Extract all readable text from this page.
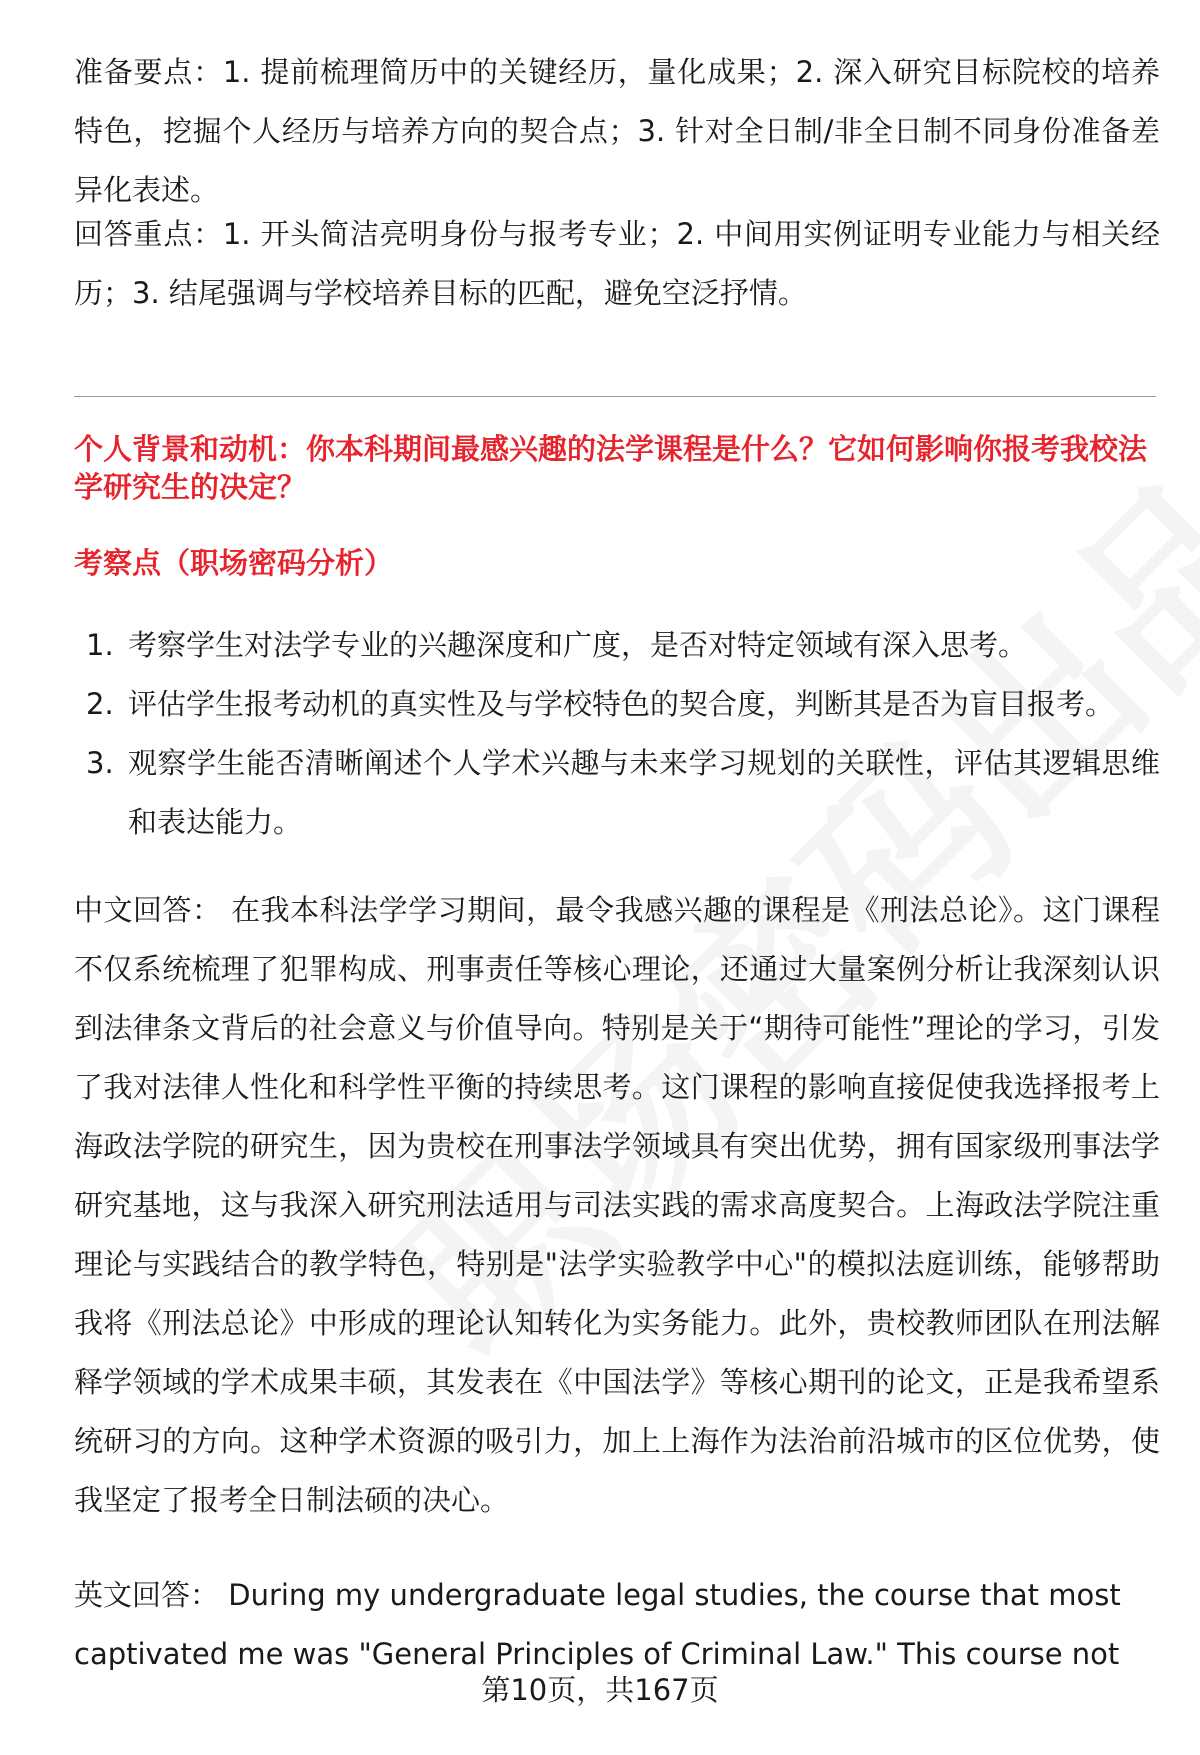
准备要点：1. 提前梳理简历中的关键经历，量化成果；2. 深入研究目标院校的培养特色，挖掘个人经历与培养方向的契合点；3. 针对全日制/非全日制不同身份准备差异化表述。

回答重点：1. 开头简洁亮明身份与报考专业；2. 中间用实例证明专业能力与相关经历；3. 结尾强调与学校培养目标的匹配，避免空泛抒情。

个人背景和动机：你本科期间最感兴趣的法学课程是什么？它如何影响你报考我校法学研究生的决定？
考察点（职场密码分析）
1. 考察学生对法学专业的兴趣深度和广度，是否对特定领域有深入思考。
2. 评估学生报考动机的真实性及与学校特色的契合度，判断其是否为盲目报考。
3. 观察学生能否清晰阐述个人学术兴趣与未来学习规划的关联性，评估其逻辑思维和表达能力。

中文回答： 在我本科法学学习期间，最令我感兴趣的课程是《刑法总论》。这门课程不仅系统梳理了犯罪构成、刑事责任等核心理论，还通过大量案例分析让我深刻认识到法律条文背后的社会意义与价值导向。特别是关于“期待可能性”理论的学习，引发了我对法律人性化和科学性平衡的持续思考。这门课程的影响直接促使我选择报考上海政法学院的研究生，因为贵校在刑事法学领域具有突出优势，拥有国家级刑事法学研究基地，这与我深入研究刑法适用与司法实践的需求高度契合。上海政法学院注重理论与实践结合的教学特色，特别是"法学实验教学中心"的模拟法庭训练，能够帮助我将《刑法总论》中形成的理论认知转化为实务能力。此外，贵校教师团队在刑法解释学领域的学术成果丰硕，其发表在《中国法学》等核心期刊的论文，正是我希望系统研习的方向。这种学术资源的吸引力，加上上海作为法治前沿城市的区位优势，使我坚定了报考全日制法硕的决心。

英文回答： During my undergraduate legal studies, the course that most
captivated me was "General Principles of Criminal Law." This course not
第10页，共167页
